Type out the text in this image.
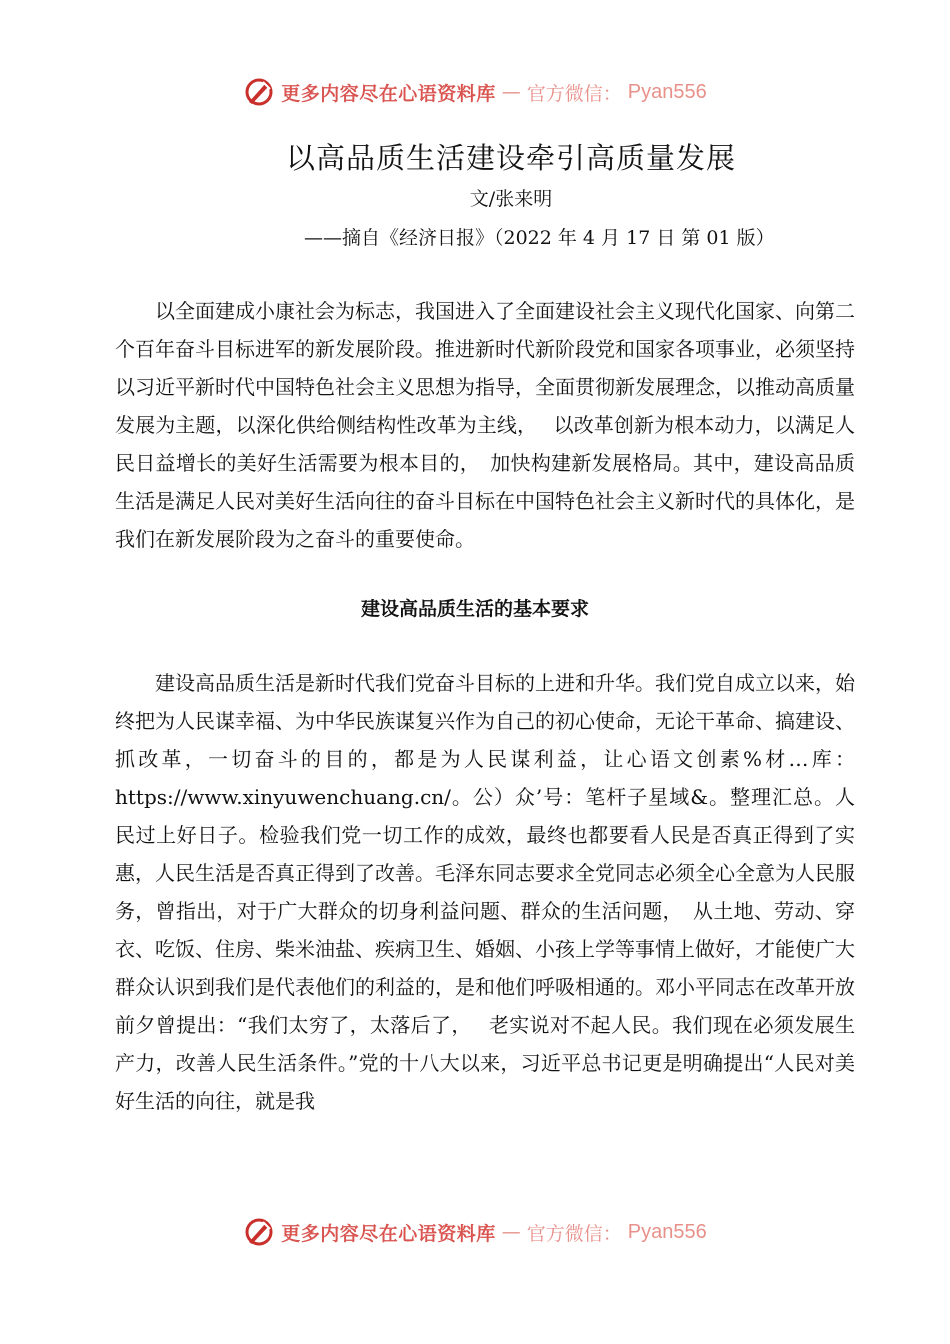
更多内容尽在心语资料库 — 官方微信： Pyan556
以高品质生活建设牵引高质量发展
文/张来明
——摘自《经济日报》（2022 年 4 月 17 日 第 01 版）

以全面建成小康社会为标志，我国进入了全面建设社会主义现代化国家、向第二个百年奋斗目标进军的新发展阶段。推进新时代新阶段党和国家各项事业，必须坚持以习近平新时代中国特色社会主义思想为指导，全面贯彻新发展理念，以推动高质量发展为主题，以深化供给侧结构性改革为主线，　 以改革创新为根本动力，以满足人民日益增长的美好生活需要为根本目的，　加快构建新发展格局。其中，建设高品质生活是满足人民对美好生活向往的奋斗目标在中国特色社会主义新时代的具体化，是我们在新发展阶段为之奋斗的重要使命。

建设高品质生活的基本要求

建设高品质生活是新时代我们党奋斗目标的上进和升华。我们党自成立以来，始终把为人民谋幸福、为中华民族谋复兴作为自己的初心使命，无论干革命、搞建设、抓改革，一切奋斗的目的，都是为人民谋利益，让心语文创素%材…库：https://www.xinyuwenchuang.cn/。公）众’号：笔杆子星域&。整理汇总。人民过上好日子。检验我们党一切工作的成效，最终也都要看人民是否真正得到了实惠，人民生活是否真正得到了改善。毛泽东同志要求全党同志必须全心全意为人民服务，曾指出，对于广大群众的切身利益问题、群众的生活问题，　从土地、劳动、穿衣、吃饭、住房、柴米油盐、疾病卫生、婚姻、小孩上学等事情上做好，才能使广大群众认识到我们是代表他们的利益的，是和他们呼吸相通的。邓小平同志在改革开放前夕曾提出：“我们太穷了，太落后了，　 老实说对不起人民。我们现在必须发展生产力，改善人民生活条件。”党的十八大以来，习近平总书记更是明确提出“人民对美好生活的向往，就是我

更多内容尽在心语资料库 — 官方微信： Pyan556
